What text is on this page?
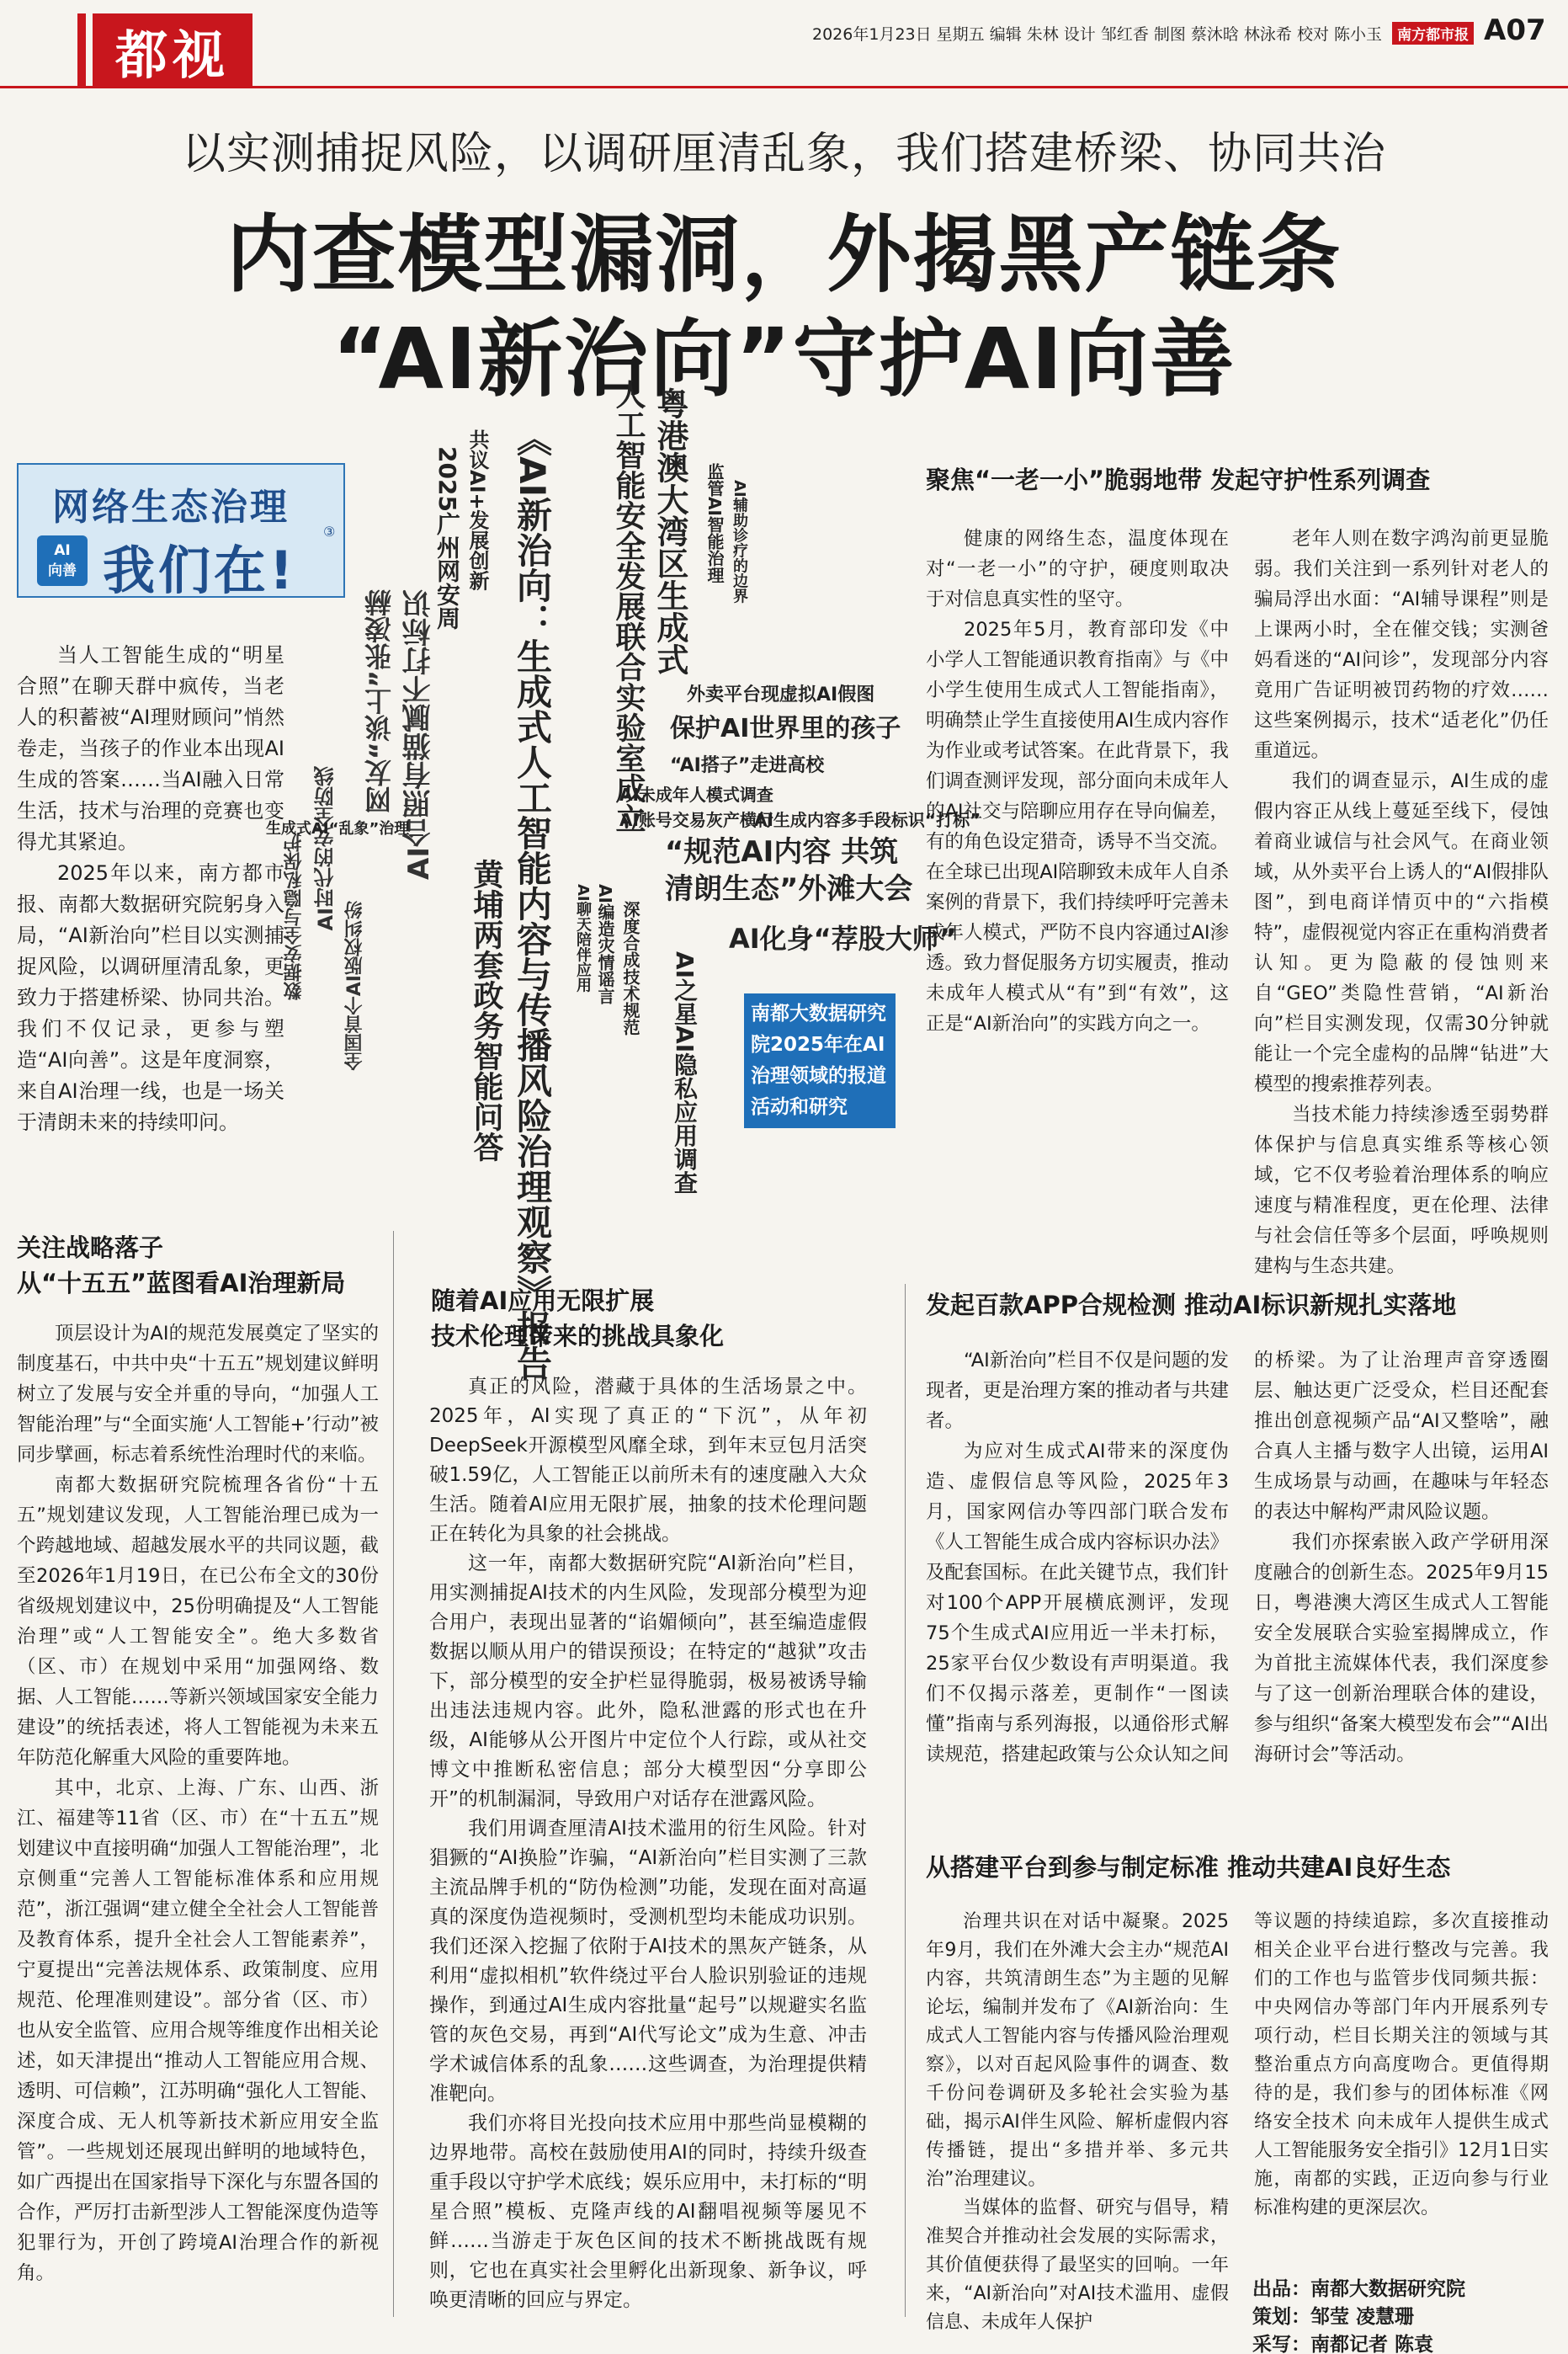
都视	2026年1月23日 星期五 编辑 朱林 设计 邹红香 制图 蔡沐晗 林泳希 校对 陈小玉 南方都市报 A07
以实测捕捉风险，以调研厘清乱象，我们搭建桥梁、协同共治
内查模型漏洞，外揭黑产链条
“AI新治向”守护AI向善
网络生态治理
AI
向善 我们在!
③

当人工智能生成的“明星合照”在聊天群中疯传，当老人的积蓄被“AI理财顾问”悄然卷走，当孩子的作业本出现AI生成的答案……当AI融入日常生活，技术与治理的竞赛也变得尤其紧迫。

2025年以来，南方都市报、南都大数据研究院躬身入局，“AI新治向”栏目以实测捕捉风险，以调研厘清乱象，更致力于搭建桥梁、协同共治。我们不仅记录，更参与塑造“AI向善”。这是年度洞察，来自AI治理一线，也是一场关于清朗未来的持续叩问。	《AI新治向：生成式人工智能内容与传播风险治理观察》报告	粤港澳大湾区生成式
人工智能安全发展联合实验室成立
2025广州网安周 共议AI+发展创新
AI合照有猫腻不打标识
网友“谈上”张凌赫
黄埔两套政务智能问答
AI时代的安全防线
数据安全与隐私保护 全国首个AI版权纠纷
保护AI世界里的孩子
外卖平台现虚拟AI假图
“AI搭子”走进高校
AI未成年人模式调查
AI账号交易灰产横行
AI生成内容多手段标识“打标”
“规范AI内容 共筑清朗生态”外滩大会
AI化身“荐股大师”
AI之星AI隐私应用调查
AI编造灾情谣言 深度合成技术规范
AI聊天陪伴应用
生成式AI“乱象”治理
监管AI智能治理 AI辅助诊疗的边界
南都大数据研究院2025年在AI治理领域的报道活动和研究
关注战略落子
从“十五五”蓝图看AI治理新局

顶层设计为AI的规范发展奠定了坚实的制度基石，中共中央“十五五”规划建议鲜明树立了发展与安全并重的导向，“加强人工智能治理”与“全面实施‘人工智能+’行动”被同步擘画，标志着系统性治理时代的来临。

南都大数据研究院梳理各省份“十五五”规划建议发现，人工智能治理已成为一个跨越地域、超越发展水平的共同议题，截至2026年1月19日，在已公布全文的30份省级规划建议中，25份明确提及“人工智能治理”或“人工智能安全”。绝大多数省（区、市）在规划中采用“加强网络、数据、人工智能……等新兴领域国家安全能力建设”的统括表述，将人工智能视为未来五年防范化解重大风险的重要阵地。

其中，北京、上海、广东、山西、浙江、福建等11省（区、市）在“十五五”规划建议中直接明确“加强人工智能治理”，北京侧重“完善人工智能标准体系和应用规范”，浙江强调“建立健全全社会人工智能普及教育体系，提升全社会人工智能素养”，宁夏提出“完善法规体系、政策制度、应用规范、伦理准则建设”。部分省（区、市）也从安全监管、应用合规等维度作出相关论述，如天津提出“推动人工智能应用合规、透明、可信赖”，江苏明确“强化人工智能、深度合成、无人机等新技术新应用安全监管”。一些规划还展现出鲜明的地域特色，如广西提出在国家指导下深化与东盟各国的合作，严厉打击新型涉人工智能深度伪造等犯罪行为，开创了跨境AI治理合作的新视角。

随着AI应用无限扩展
技术伦理带来的挑战具象化

真正的风险，潜藏于具体的生活场景之中。2025年，AI实现了真正的“下沉”，从年初DeepSeek开源模型风靡全球，到年末豆包月活突破1.59亿，人工智能正以前所未有的速度融入大众生活。随着AI应用无限扩展，抽象的技术伦理问题正在转化为具象的社会挑战。

这一年，南都大数据研究院“AI新治向”栏目，用实测捕捉AI技术的内生风险，发现部分模型为迎合用户，表现出显著的“谄媚倾向”，甚至编造虚假数据以顺从用户的错误预设；在特定的“越狱”攻击下，部分模型的安全护栏显得脆弱，极易被诱导输出违法违规内容。此外，隐私泄露的形式也在升级，AI能够从公开图片中定位个人行踪，或从社交博文中推断私密信息；部分大模型因“分享即公开”的机制漏洞，导致用户对话存在泄露风险。

我们用调查厘清AI技术滥用的衍生风险。针对猖獗的“AI换脸”诈骗，“AI新治向”栏目实测了三款主流品牌手机的“防伪检测”功能，发现在面对高逼真的深度伪造视频时，受测机型均未能成功识别。我们还深入挖掘了依附于AI技术的黑灰产链条，从利用“虚拟相机”软件绕过平台人脸识别验证的违规操作，到通过AI生成内容批量“起号”以规避实名监管的灰色交易，再到“AI代写论文”成为生意、冲击学术诚信体系的乱象……这些调查，为治理提供精准靶向。

我们亦将目光投向技术应用中那些尚显模糊的边界地带。高校在鼓励使用AI的同时，持续升级查重手段以守护学术底线；娱乐应用中，未打标的“明星合照”模板、克隆声线的AI翻唱视频等屡见不鲜……当游走于灰色区间的技术不断挑战既有规则，它也在真实社会里孵化出新现象、新争议，呼唤更清晰的回应与界定。

聚焦“一老一小”脆弱地带 发起守护性系列调查

健康的网络生态，温度体现在对“一老一小”的守护，硬度则取决于对信息真实性的坚守。

2025年5月，教育部印发《中小学人工智能通识教育指南》与《中小学生使用生成式人工智能指南》，明确禁止学生直接使用AI生成内容作为作业或考试答案。在此背景下，我们调查测评发现，部分面向未成年人的AI社交与陪聊应用存在导向偏差，有的角色设定猎奇，诱导不当交流。在全球已出现AI陪聊致未成年人自杀案例的背景下，我们持续呼吁完善未成年人模式，严防不良内容通过AI渗透。致力督促服务方切实履责，推动未成年人模式从“有”到“有效”，这正是“AI新治向”的实践方向之一。

老年人则在数字鸿沟前更显脆弱。我们关注到一系列针对老人的骗局浮出水面：“AI辅导课程”则是上课两小时，全在催交钱；实测爸妈看迷的“AI问诊”，发现部分内容竟用广告证明被罚药物的疗效……这些案例揭示，技术“适老化”仍任重道远。

我们的调查显示，AI生成的虚假内容正从线上蔓延至线下，侵蚀着商业诚信与社会风气。在商业领域，从外卖平台上诱人的“AI假排队图”，到电商详情页中的“六指模特”，虚假视觉内容正在重构消费者认知。更为隐蔽的侵蚀则来自“GEO”类隐性营销，“AI新治向”栏目实测发现，仅需30分钟就能让一个完全虚构的品牌“钻进”大模型的搜索推荐列表。

当技术能力持续渗透至弱势群体保护与信息真实维系等核心领域，它不仅考验着治理体系的响应速度与精准程度，更在伦理、法律与社会信任等多个层面，呼唤规则建构与生态共建。

发起百款APP合规检测 推动AI标识新规扎实落地

“AI新治向”栏目不仅是问题的发现者，更是治理方案的推动者与共建者。

为应对生成式AI带来的深度伪造、虚假信息等风险，2025年3月，国家网信办等四部门联合发布《人工智能生成合成内容标识办法》及配套国标。在此关键节点，我们针对100个APP开展横底测评，发现75个生成式AI应用近一半未打标，25家平台仅少数设有声明渠道。我们不仅揭示落差，更制作“一图读懂”指南与系列海报，以通俗形式解读规范，搭建起政策与公众认知之间

的桥梁。为了让治理声音穿透圈层、触达更广泛受众，栏目还配套推出创意视频产品“AI又整啥”，融合真人主播与数字人出镜，运用AI生成场景与动画，在趣味与年轻态的表达中解构严肃风险议题。

我们亦探索嵌入政产学研用深度融合的创新生态。2025年9月15日，粤港澳大湾区生成式人工智能安全发展联合实验室揭牌成立，作为首批主流媒体代表，我们深度参与了这一创新治理联合体的建设，参与组织“备案大模型发布会”“AI出海研讨会”等活动。

从搭建平台到参与制定标准 推动共建AI良好生态

治理共识在对话中凝聚。2025年9月，我们在外滩大会主办“规范AI内容，共筑清朗生态”为主题的见解论坛，编制并发布了《AI新治向：生成式人工智能内容与传播风险治理观察》，以对百起风险事件的调查、数千份问卷调研及多轮社会实验为基础，揭示AI伴生风险、解析虚假内容传播链，提出“多措并举、多元共治”治理建议。

当媒体的监督、研究与倡导，精准契合并推动社会发展的实际需求，其价值便获得了最坚实的回响。一年来，“AI新治向”对AI技术滥用、虚假信息、未成年人保护

等议题的持续追踪，多次直接推动相关企业平台进行整改与完善。我们的工作也与监管步伐同频共振：中央网信办等部门年内开展系列专项行动，栏目长期关注的领域与其整治重点方向高度吻合。更值得期待的是，我们参与的团体标准《网络安全技术 向未成年人提供生成式人工智能服务安全指引》12月1日实施，南都的实践，正迈向参与行业标准构建的更深层次。

出品：南都大数据研究院
策划：邹莹 凌慧珊
采写：南都记者 陈袁
